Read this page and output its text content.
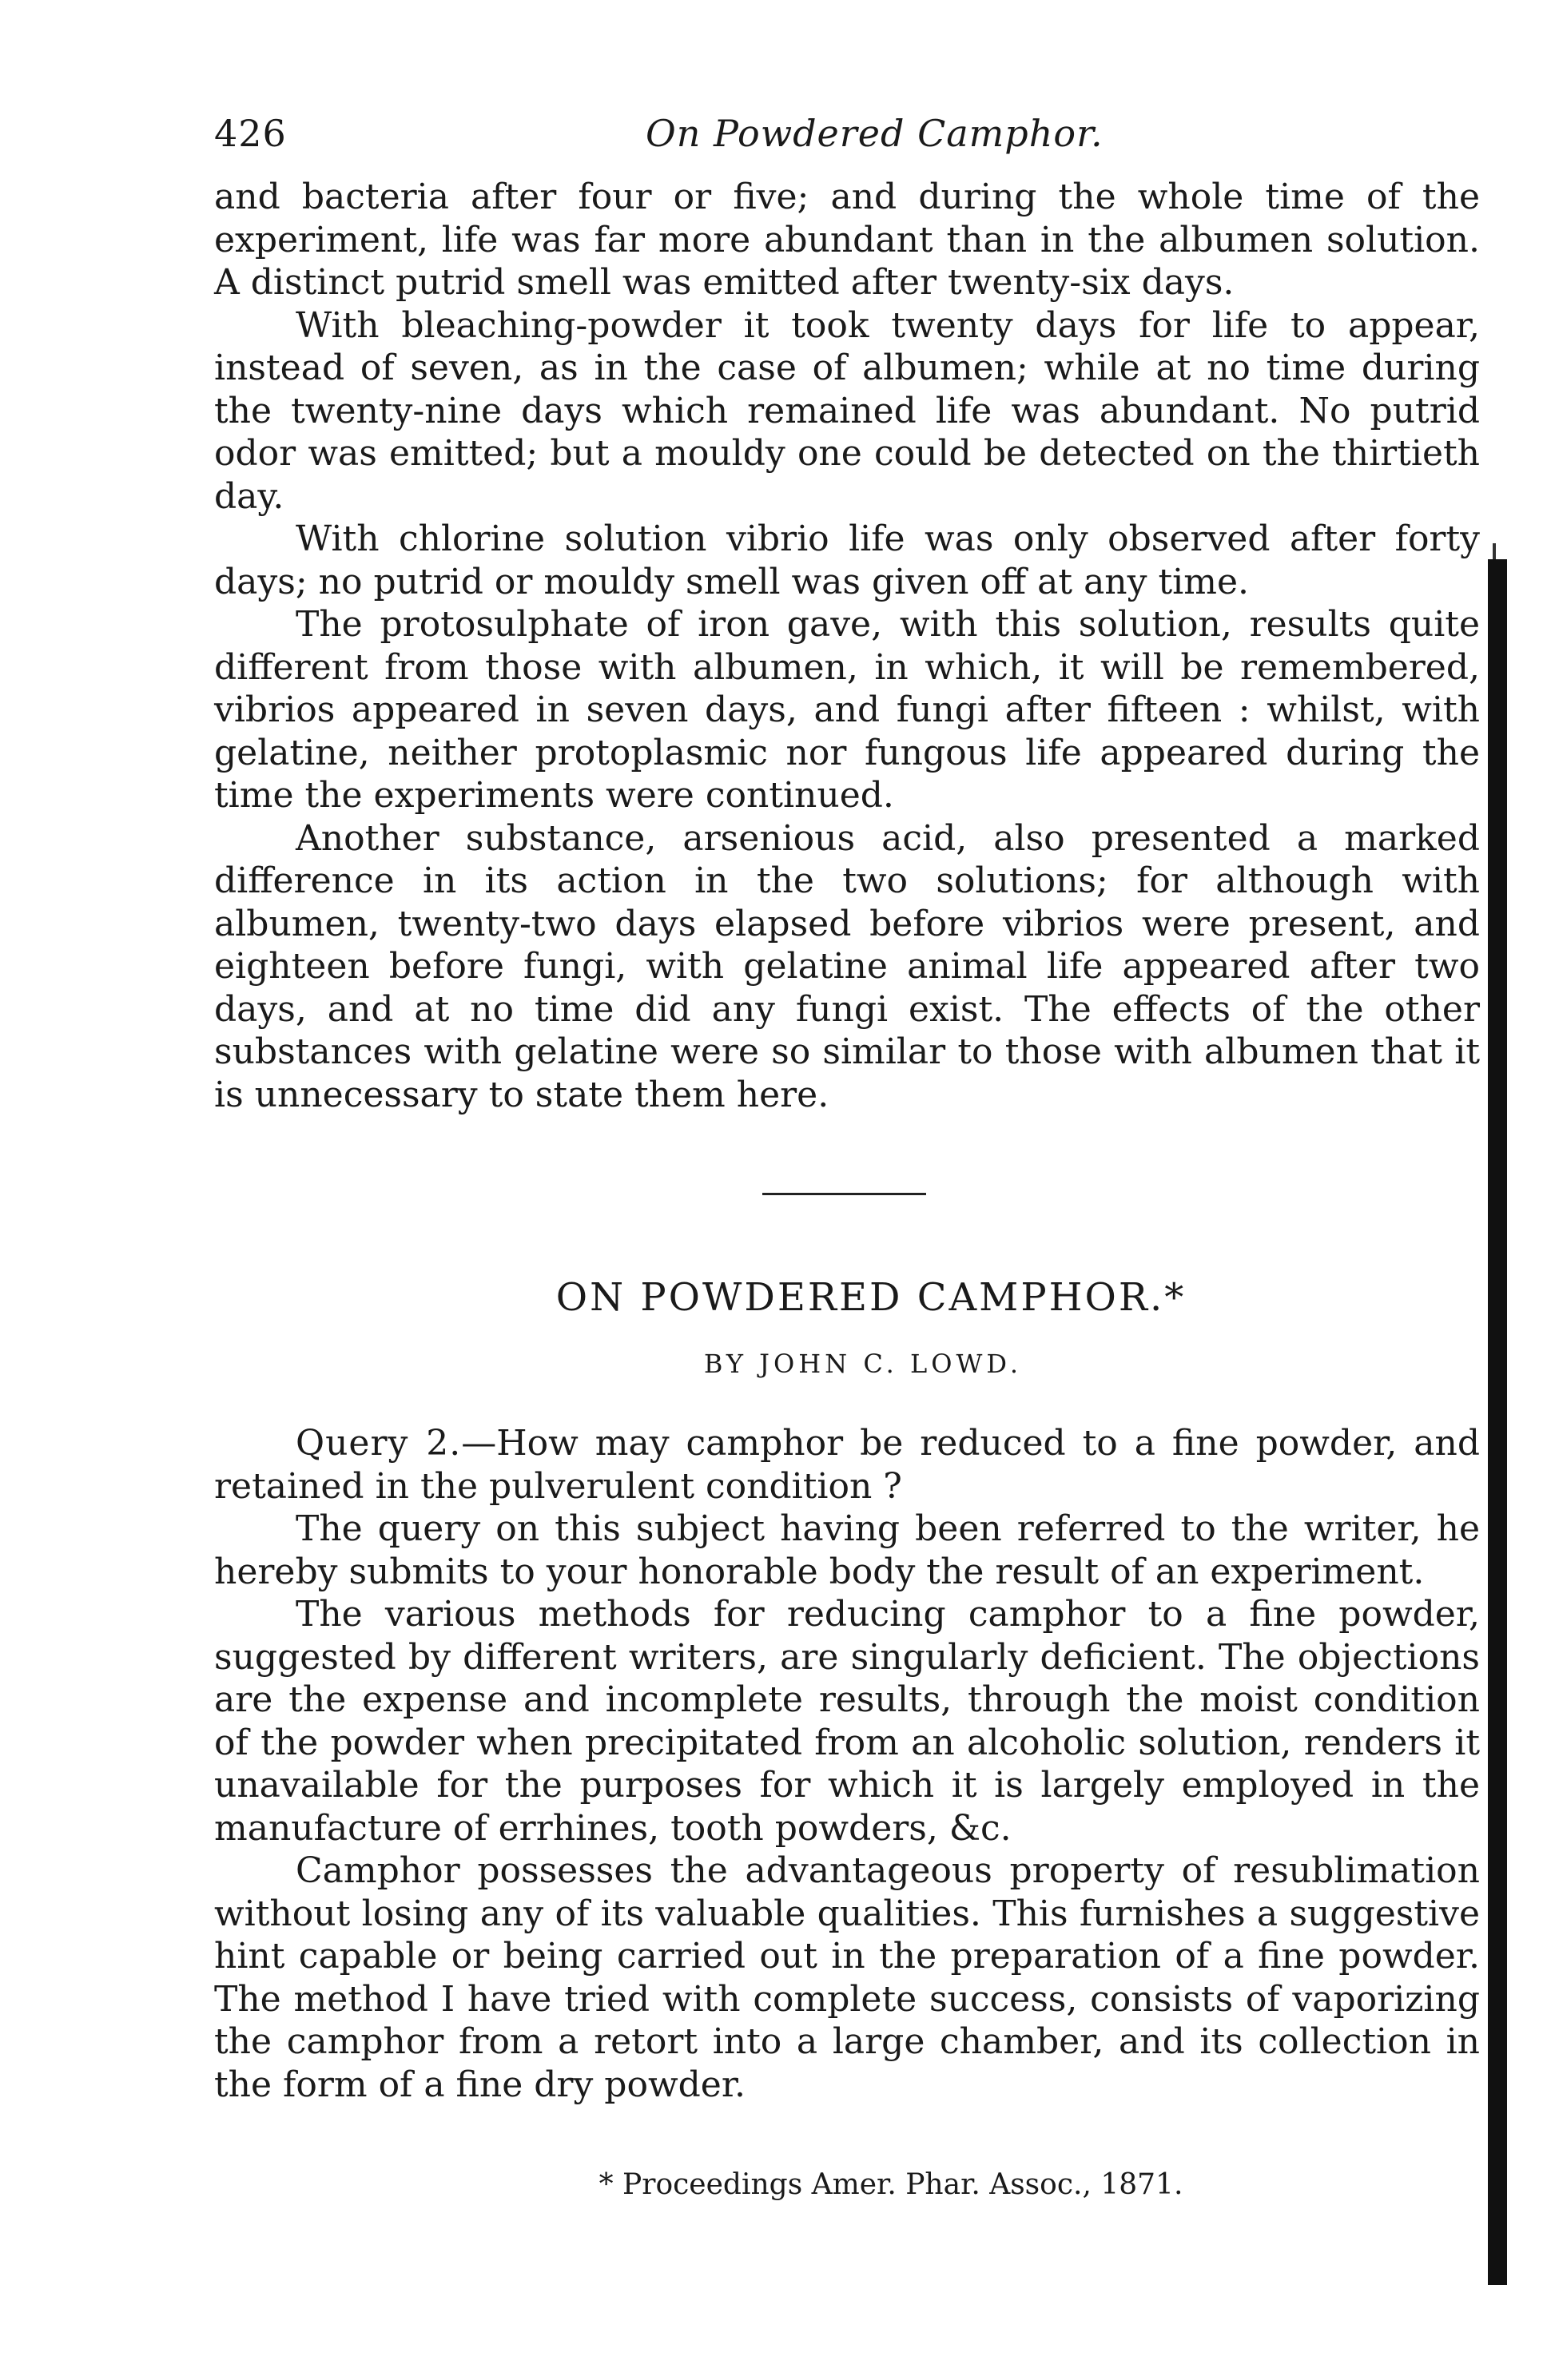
426	On Powdered Camphor.

and bacteria after four or five; and during the whole time of the experiment, life was far more abundant than in the albumen solution. A distinct putrid smell was emitted after twenty-six days.

With bleaching-powder it took twenty days for life to appear, instead of seven, as in the case of albumen; while at no time during the twenty-nine days which remained life was abundant. No putrid odor was emitted; but a mouldy one could be detected on the thirtieth day.

With chlorine solution vibrio life was only observed after forty days; no putrid or mouldy smell was given off at any time.

The protosulphate of iron gave, with this solution, results quite different from those with albumen, in which, it will be remembered, vibrios appeared in seven days, and fungi after fifteen : whilst, with gelatine, neither protoplasmic nor fungous life appeared during the time the experiments were continued.

Another substance, arsenious acid, also presented a marked difference in its action in the two solutions; for although with albumen, twenty-two days elapsed before vibrios were present, and eighteen before fungi, with gelatine animal life appeared after two days, and at no time did any fungi exist. The effects of the other substances with gelatine were so similar to those with albumen that it is unnecessary to state them here.

ON POWDERED CAMPHOR.*
BY JOHN C. LOWD.

Query 2.—How may camphor be reduced to a fine powder, and retained in the pulverulent condition ?

The query on this subject having been referred to the writer, he hereby submits to your honorable body the result of an experiment.

The various methods for reducing camphor to a fine powder, suggested by different writers, are singularly deficient. The objections are the expense and incomplete results, through the moist condition of the powder when precipitated from an alcoholic solution, renders it unavailable for the purposes for which it is largely employed in the manufacture of errhines, tooth powders, &c.

Camphor possesses the advantageous property of resublimation without losing any of its valuable qualities. This furnishes a suggestive hint capable or being carried out in the preparation of a fine powder. The method I have tried with complete success, consists of vaporizing the camphor from a retort into a large chamber, and its collection in the form of a fine dry powder.

* Proceedings Amer. Phar. Assoc., 1871.
